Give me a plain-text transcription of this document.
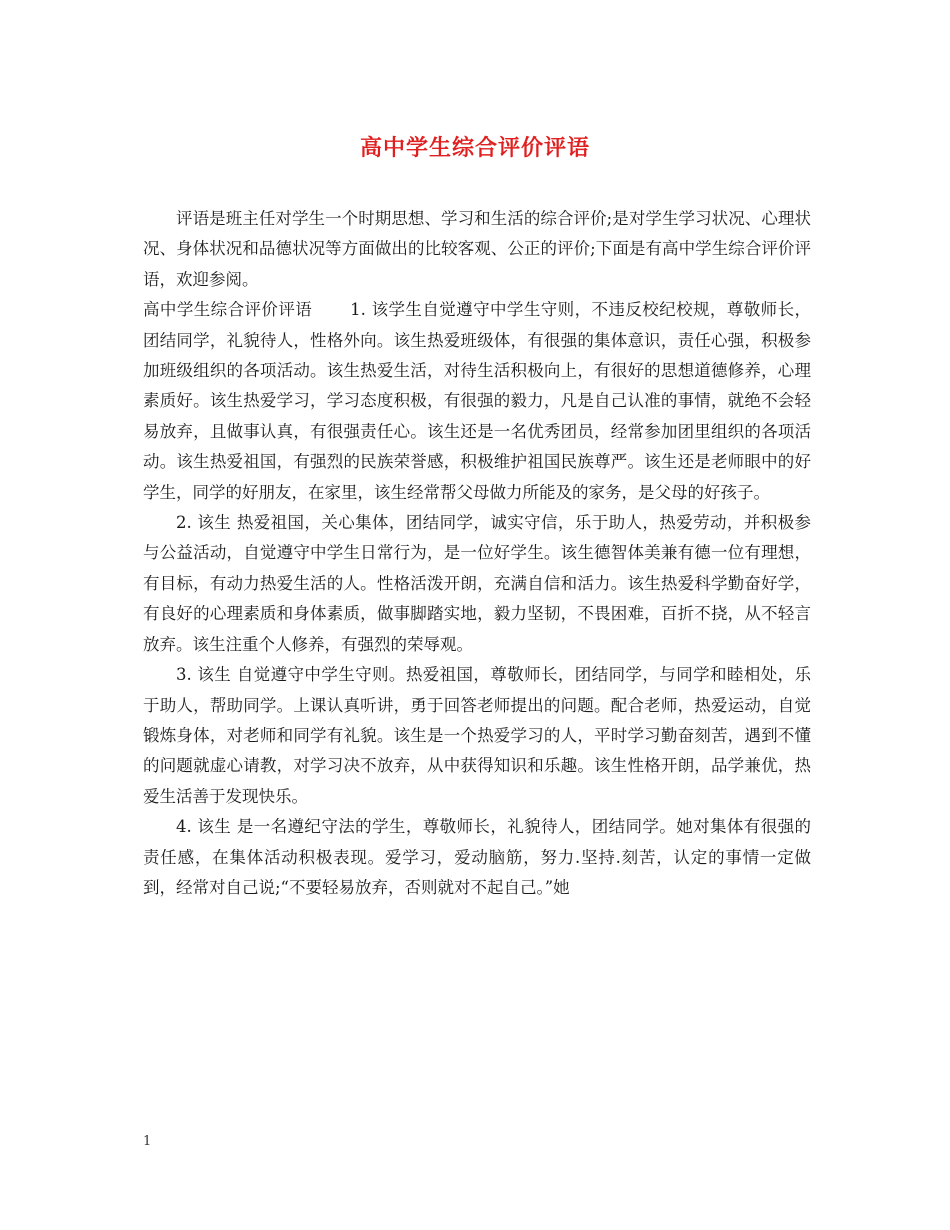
高中学生综合评价评语

评语是班主任对学生一个时期思想、学习和生活的综合评价;是对学生学习状况、心理状况、身体状况和品德状况等方面做出的比较客观、公正的评价;下面是有高中学生综合评价评语，欢迎参阅。

高中学生综合评价评语 1. 该学生自觉遵守中学生守则，不违反校纪校规，尊敬师长，团结同学，礼貌待人，性格外向。该生热爱班级体，有很强的集体意识，责任心强，积极参加班级组织的各项活动。该生热爱生活，对待生活积极向上，有很好的思想道德修养，心理素质好。该生热爱学习，学习态度积极，有很强的毅力，凡是自己认准的事情，就绝不会轻易放弃，且做事认真，有很强责任心。该生还是一名优秀团员，经常参加团里组织的各项活动。该生热爱祖国，有强烈的民族荣誉感，积极维护祖国民族尊严。该生还是老师眼中的好学生，同学的好朋友，在家里，该生经常帮父母做力所能及的家务，是父母的好孩子。

2. 该生 热爱祖国，关心集体，团结同学，诚实守信，乐于助人，热爱劳动，并积极参与公益活动，自觉遵守中学生日常行为，是一位好学生。该生德智体美兼有德一位有理想，有目标，有动力热爱生活的人。性格活泼开朗，充满自信和活力。该生热爱科学勤奋好学，有良好的心理素质和身体素质，做事脚踏实地，毅力坚韧，不畏困难，百折不挠，从不轻言放弃。该生注重个人修养，有强烈的荣辱观。

3. 该生 自觉遵守中学生守则。热爱祖国，尊敬师长，团结同学，与同学和睦相处，乐于助人，帮助同学。上课认真听讲，勇于回答老师提出的问题。配合老师，热爱运动，自觉锻炼身体，对老师和同学有礼貌。该生是一个热爱学习的人，平时学习勤奋刻苦，遇到不懂的问题就虚心请教，对学习决不放弃，从中获得知识和乐趣。该生性格开朗，品学兼优，热爱生活善于发现快乐。

4. 该生 是一名遵纪守法的学生，尊敬师长，礼貌待人，团结同学。她对集体有很强的责任感，在集体活动积极表现。爱学习，爱动脑筋，努力.坚持.刻苦，认定的事情一定做到，经常对自己说;“不要轻易放弃，否则就对不起自己。”她

1
